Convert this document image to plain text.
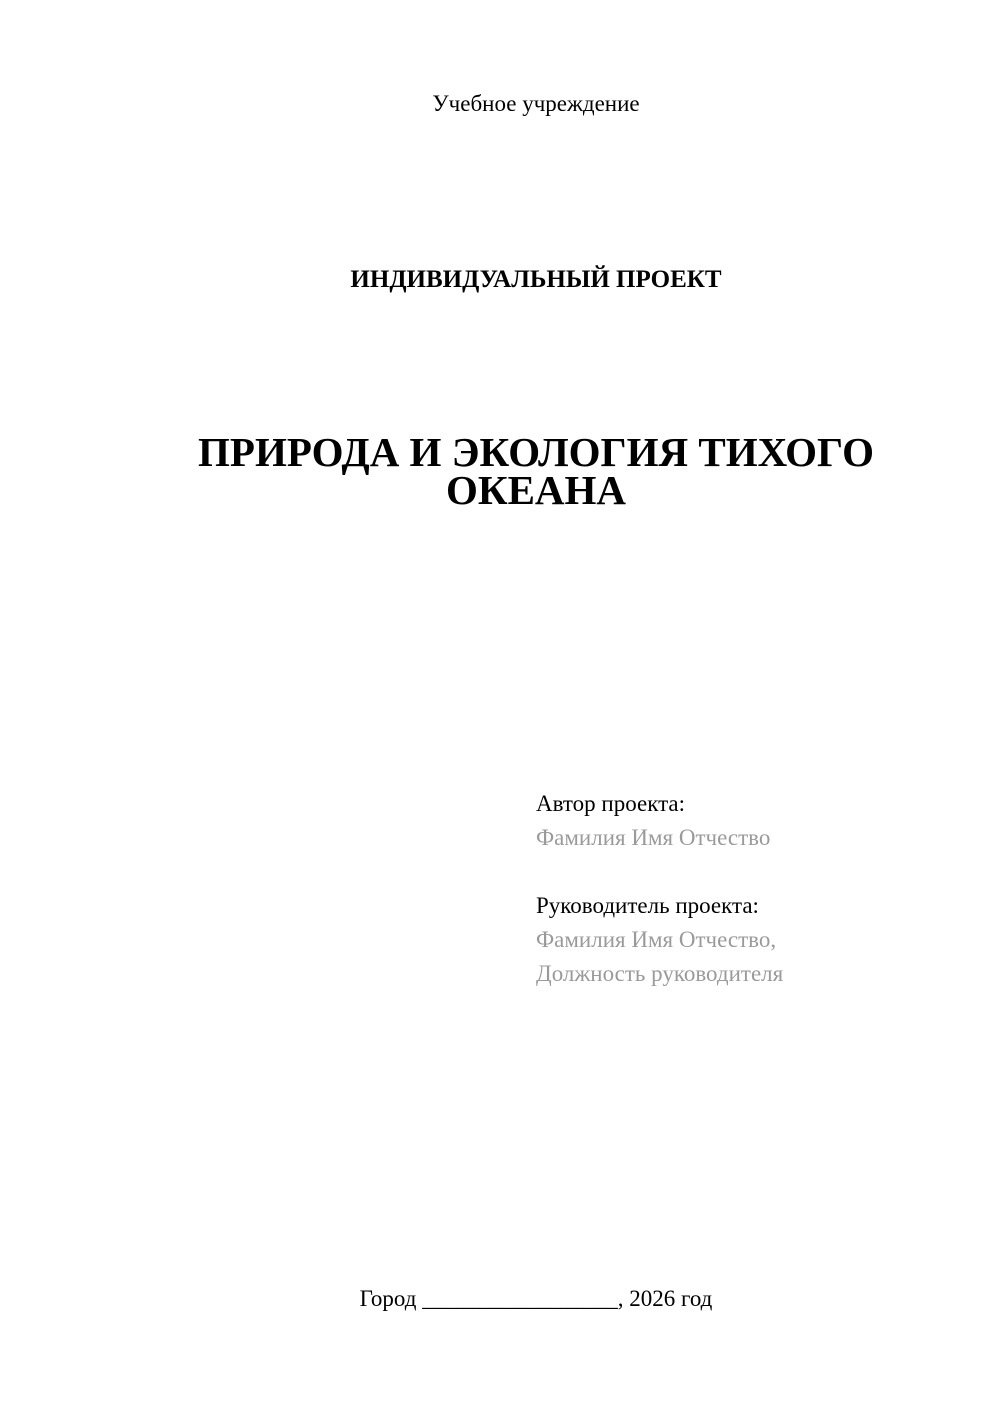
Учебное учреждение
ИНДИВИДУАЛЬНЫЙ ПРОЕКТ
ПРИРОДА И ЭКОЛОГИЯ ТИХОГО ОКЕАНА
Автор проекта:
Фамилия Имя Отчество
Руководитель проекта:
Фамилия Имя Отчество,
Должность руководителя
Город _________________, 2026 год
